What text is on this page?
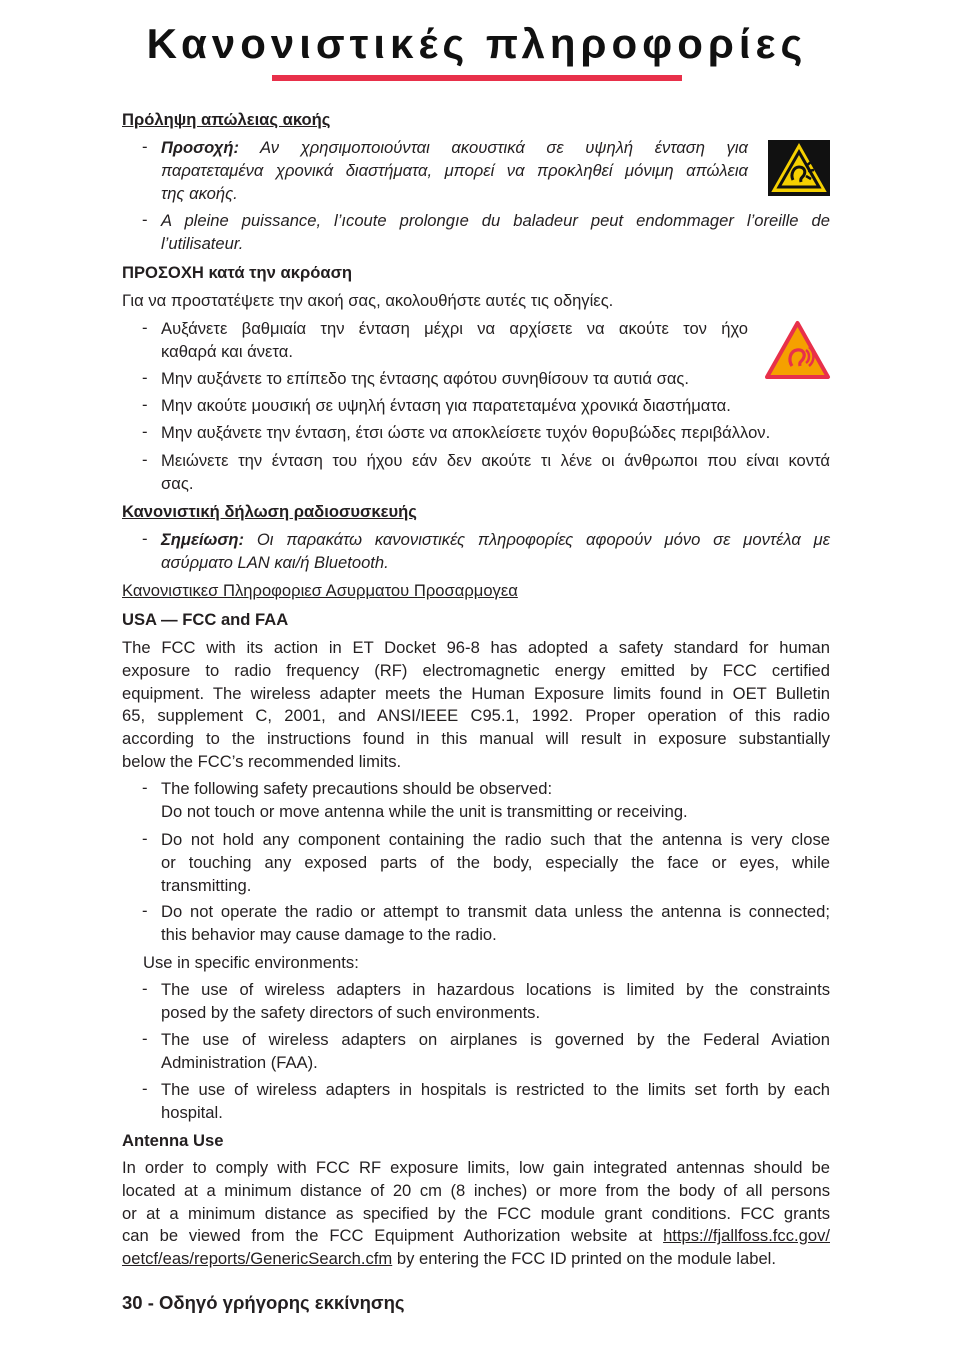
Κανονιστικές πληροφορίες
Πρόληψη απώλειας ακοής
- Προσοχή: Αν χρησιμοποιούνται ακουστικά σε υψηλή ένταση για
παρατεταμένα χρονικά διαστήματα, μπορεί να προκληθεί μόνιμη απώλεια
της ακοής.
- A pleine puissance, l’ıcoute prolongıe du baladeur peut endommager l’oreille de
l’utilisateur.
ΠΡΟΣΟΧΗ κατά την ακρόαση
Για να προστατέψετε την ακοή σας, ακολουθήστε αυτές τις οδηγίες.
- Αυξάνετε βαθμιαία την ένταση μέχρι να αρχίσετε να ακούτε τον ήχο
καθαρά και άνετα.
- Μην αυξάνετε το επίπεδο της έντασης αφότου συνηθίσουν τα αυτιά σας.
- Μην ακούτε μουσική σε υψηλή ένταση για παρατεταμένα χρονικά διαστήματα.
- Μην αυξάνετε την ένταση, έτσι ώστε να αποκλείσετε τυχόν θορυβώδες περιβάλλον.
- Μειώνετε την ένταση του ήχου εάν δεν ακούτε τι λένε οι άνθρωποι που είναι κοντά
σας.
Κανονιστική δήλωση ραδιοσυσκευής
- Σημείωση: Οι παρακάτω κανονιστικές πληροφορίες αφορούν μόνο σε μοντέλα με
ασύρματο LAN και/ή Bluetooth.
Κανονιστικεσ Πληροφοριεσ Ασυρματου Προσαρμογεα
USA — FCC and FAA
The FCC with its action in ET Docket 96-8 has adopted a safety standard for human
exposure to radio frequency (RF) electromagnetic energy emitted by FCC certified
equipment. The wireless adapter meets the Human Exposure limits found in OET Bulletin
65, supplement C, 2001, and ANSI/IEEE C95.1, 1992. Proper operation of this radio
according to the instructions found in this manual will result in exposure substantially
below the FCC’s recommended limits.
- The following safety precautions should be observed:
Do not touch or move antenna while the unit is transmitting or receiving.
- Do not hold any component containing the radio such that the antenna is very close
or touching any exposed parts of the body, especially the face or eyes, while
transmitting.
- Do not operate the radio or attempt to transmit data unless the antenna is connected;
this behavior may cause damage to the radio.
Use in specific environments:
- The use of wireless adapters in hazardous locations is limited by the constraints
posed by the safety directors of such environments.
- The use of wireless adapters on airplanes is governed by the Federal Aviation
Administration (FAA).
- The use of wireless adapters in hospitals is restricted to the limits set forth by each
hospital.
Antenna Use
In order to comply with FCC RF exposure limits, low gain integrated antennas should be
located at a minimum distance of 20 cm (8 inches) or more from the body of all persons
or at a minimum distance as specified by the FCC module grant conditions. FCC grants
can be viewed from the FCC Equipment Authorization website at https://fjallfoss.fcc.gov/
oetcf/eas/reports/GenericSearch.cfm by entering the FCC ID printed on the module label.
30 - Οδηγό γρήγορης εκκίνησης
